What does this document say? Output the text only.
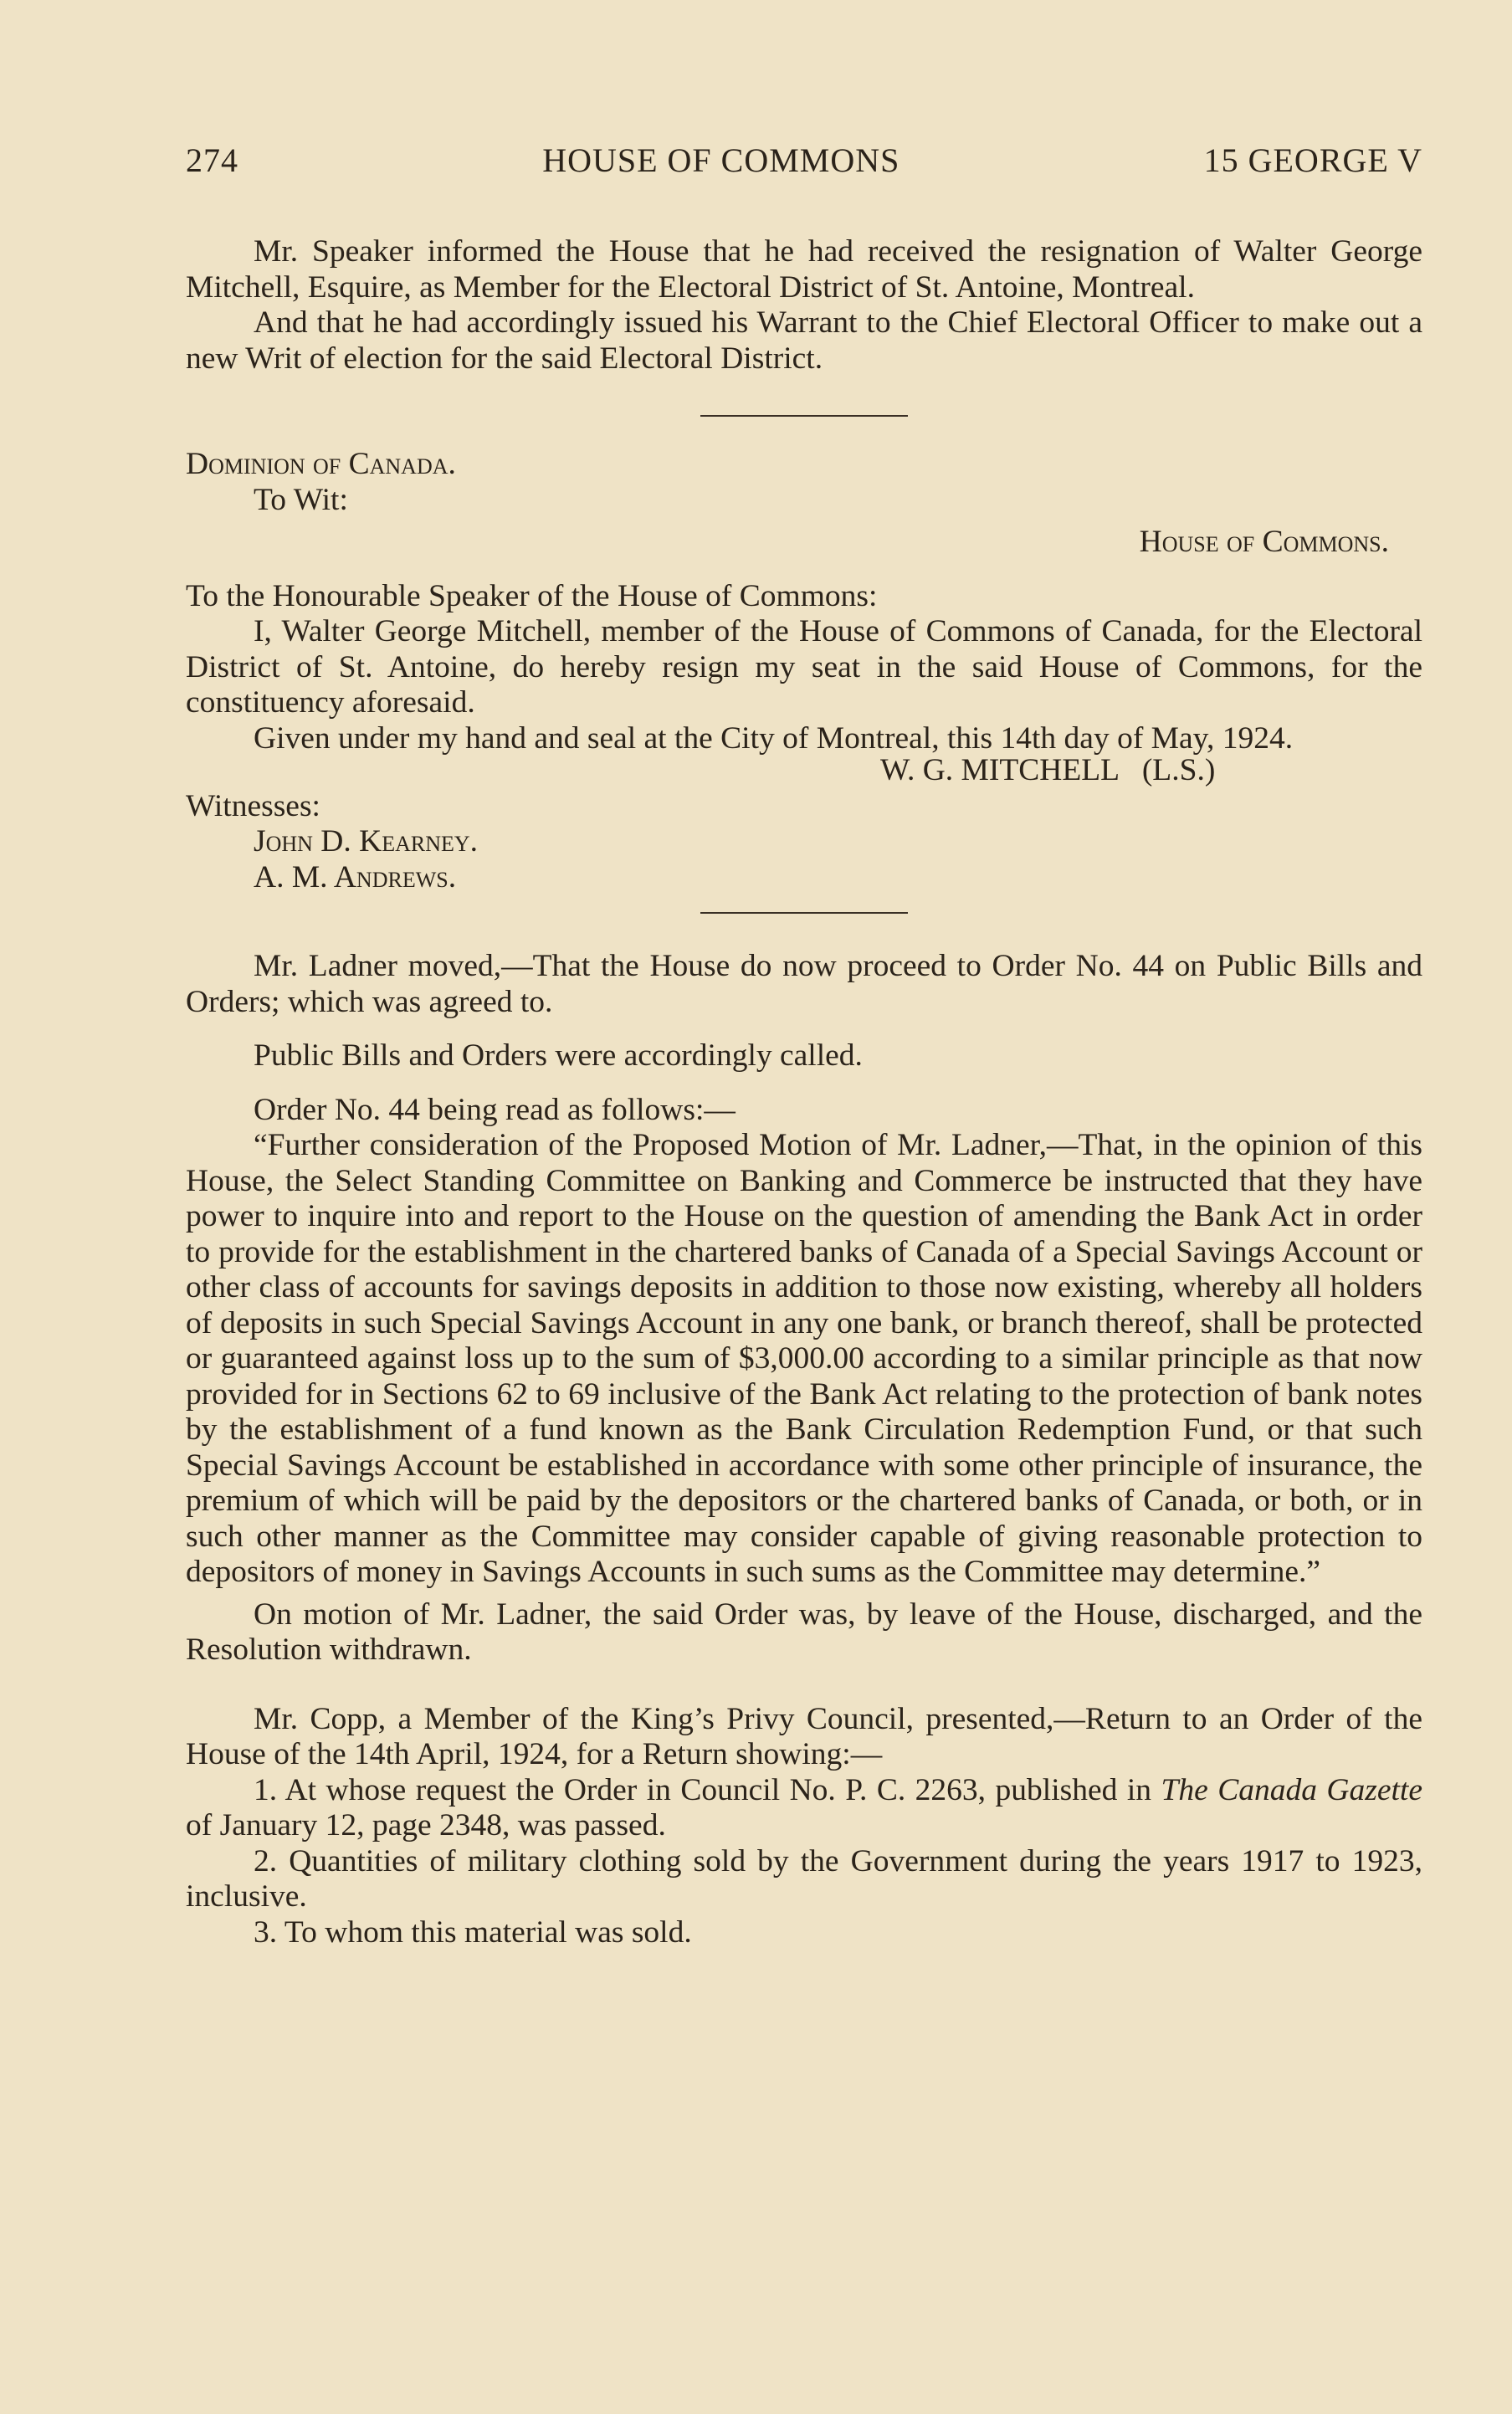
274	HOUSE OF COMMONS	15 GEORGE V

Mr. Speaker informed the House that he had received the resignation of Walter George Mitchell, Esquire, as Member for the Electoral District of St. Antoine, Montreal.

And that he had accordingly issued his Warrant to the Chief Electoral Officer to make out a new Writ of election for the said Electoral District.

Dominion of Canada.

To Wit:

House of Commons.

To the Honourable Speaker of the House of Commons:

I, Walter George Mitchell, member of the House of Commons of Canada, for the Electoral District of St. Antoine, do hereby resign my seat in the said House of Commons, for the constituency aforesaid.

Given under my hand and seal at the City of Montreal, this 14th day of May, 1924.

W. G. MITCHELL   (L.S.)

Witnesses:

John D. Kearney.

A. M. Andrews.

Mr. Ladner moved,—That the House do now proceed to Order No. 44 on Public Bills and Orders; which was agreed to.

Public Bills and Orders were accordingly called.

Order No. 44 being read as follows:—

“Further consideration of the Proposed Motion of Mr. Ladner,—That, in the opinion of this House, the Select Standing Committee on Banking and Commerce be instructed that they have power to inquire into and report to the House on the question of amending the Bank Act in order to provide for the establishment in the chartered banks of Canada of a Special Savings Account or other class of accounts for savings deposits in addition to those now existing, whereby all holders of deposits in such Special Savings Account in any one bank, or branch thereof, shall be protected or guaranteed against loss up to the sum of $3,000.00 according to a similar principle as that now provided for in Sections 62 to 69 inclusive of the Bank Act relating to the protection of bank notes by the establishment of a fund known as the Bank Circulation Redemption Fund, or that such Special Savings Account be established in accordance with some other principle of insurance, the premium of which will be paid by the depositors or the chartered banks of Canada, or both, or in such other manner as the Committee may consider capable of giving reasonable protection to depositors of money in Savings Accounts in such sums as the Committee may determine.”

On motion of Mr. Ladner, the said Order was, by leave of the House, discharged, and the Resolution withdrawn.

Mr. Copp, a Member of the King’s Privy Council, presented,—Return to an Order of the House of the 14th April, 1924, for a Return showing:—

1. At whose request the Order in Council No. P. C. 2263, published in The Canada Gazette of January 12, page 2348, was passed.

2. Quantities of military clothing sold by the Government during the years 1917 to 1923, inclusive.

3. To whom this material was sold.
